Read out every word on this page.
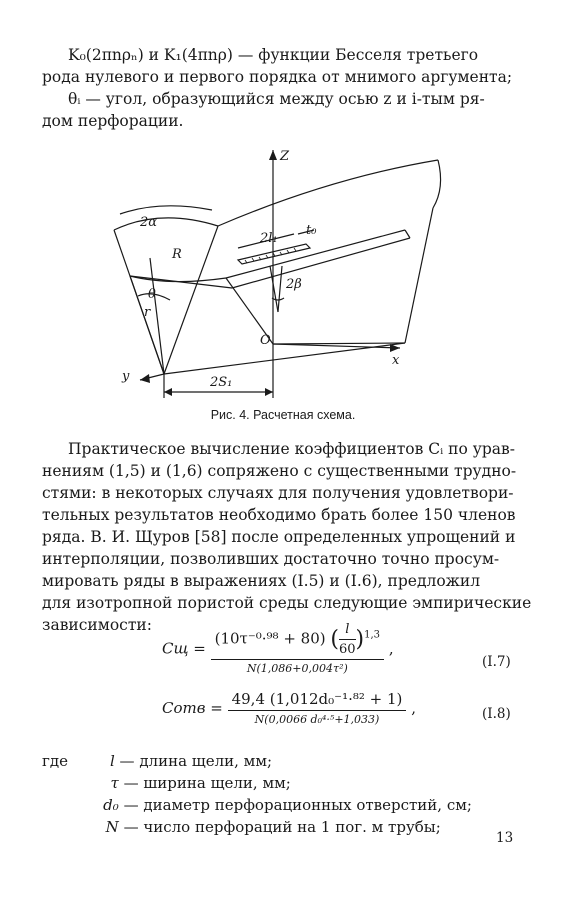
K₀(2πnρₙ) и K₁(4πnρ) — функции Бесселя третьего

рода нулевого и первого порядка от мнимого аргумента;

θᵢ — угол, образующийся между осью z и i-тым ря-

дом перфорации.

Z
2α
R
r
θ
2l₁
t₀
2β
O
x
y	2S₁
Рис. 4. Расчетная схема.

Практическое вычисление коэффициентов Cᵢ по урав-

нениям (1,5) и (1,6) сопряжено с существенными трудно-

стями: в некоторых случаях для получения удовлетвори-

тельных результатов необходимо брать более 150 членов

ряда. В. И. Щуров [58] после определенных упрощений и

интерполяции, позволивших достаточно точно просум-

мировать ряды в выражениях (I.5) и (I.6), предложил

для изотропной пористой среды следующие эмпирические

зависимости:

Cщ = $\frac{(10\tau^{-0}\cdot^{98} + 80) ( \frac{l}{60} )^{1,3}}{\text{N(1,086+0,004τ²)}}$ ,
(I.7)
Cотв = $\frac{\text{49,4 (1,012d₀⁻¹·⁸² + 1)}}{\text{N(0,0066 d₀⁴·⁵+1,033)}}$ ,	(I.8)
где	l — длина щели, мм;
τ — ширина щели, мм;
d₀ — диаметр перфорационных отверстий, см;
N — число перфораций на 1 пог. м трубы;
13
